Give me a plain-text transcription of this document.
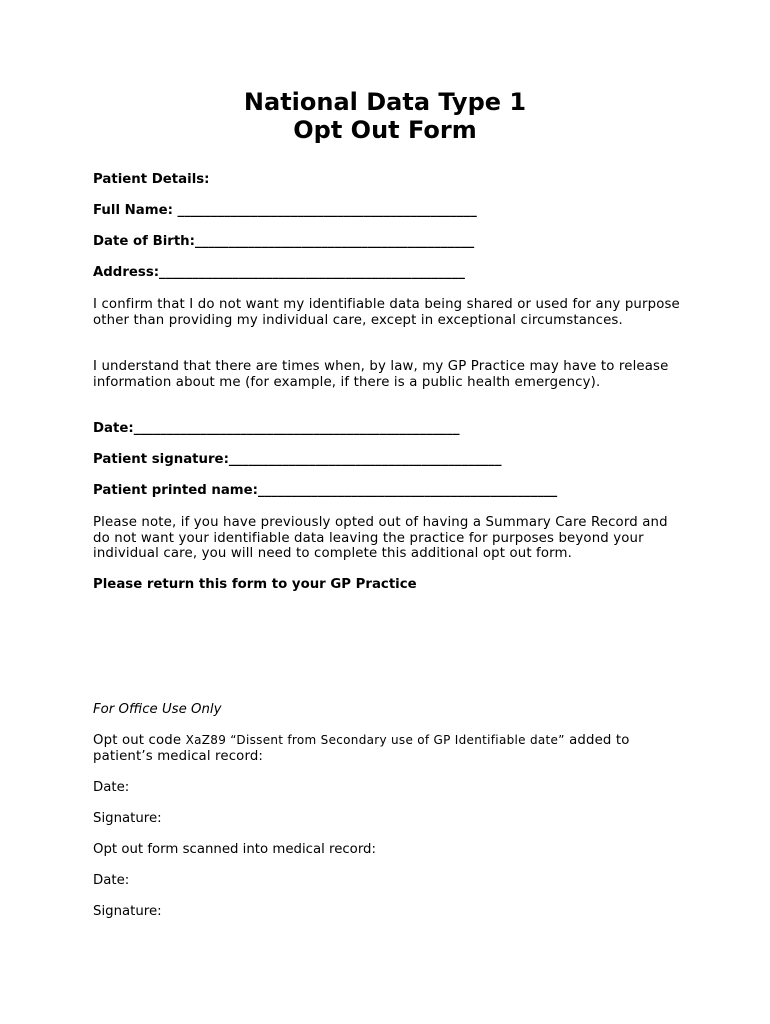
National Data Type 1
Opt Out Form

Patient Details:

Full Name: _____________________________________________

Date of Birth:__________________________________________

Address:______________________________________________

I confirm that I do not want my identifiable data being shared or used for any purpose other than providing my individual care, except in exceptional circumstances.

I understand that there are times when, by law, my GP Practice may have to release information about me (for example, if there is a public health emergency).

Date:_________________________________________________

Patient signature:_________________________________________

Patient printed name:_____________________________________________

Please note, if you have previously opted out of having a Summary Care Record and do not want your identifiable data leaving the practice for purposes beyond your individual care, you will need to complete this additional opt out form.

Please return this form to your GP Practice

For Office Use Only

Opt out code XaZ89 “Dissent from Secondary use of GP Identifiable date” added to patient’s medical record:

Date:

Signature:

Opt out form scanned into medical record:

Date:

Signature:
